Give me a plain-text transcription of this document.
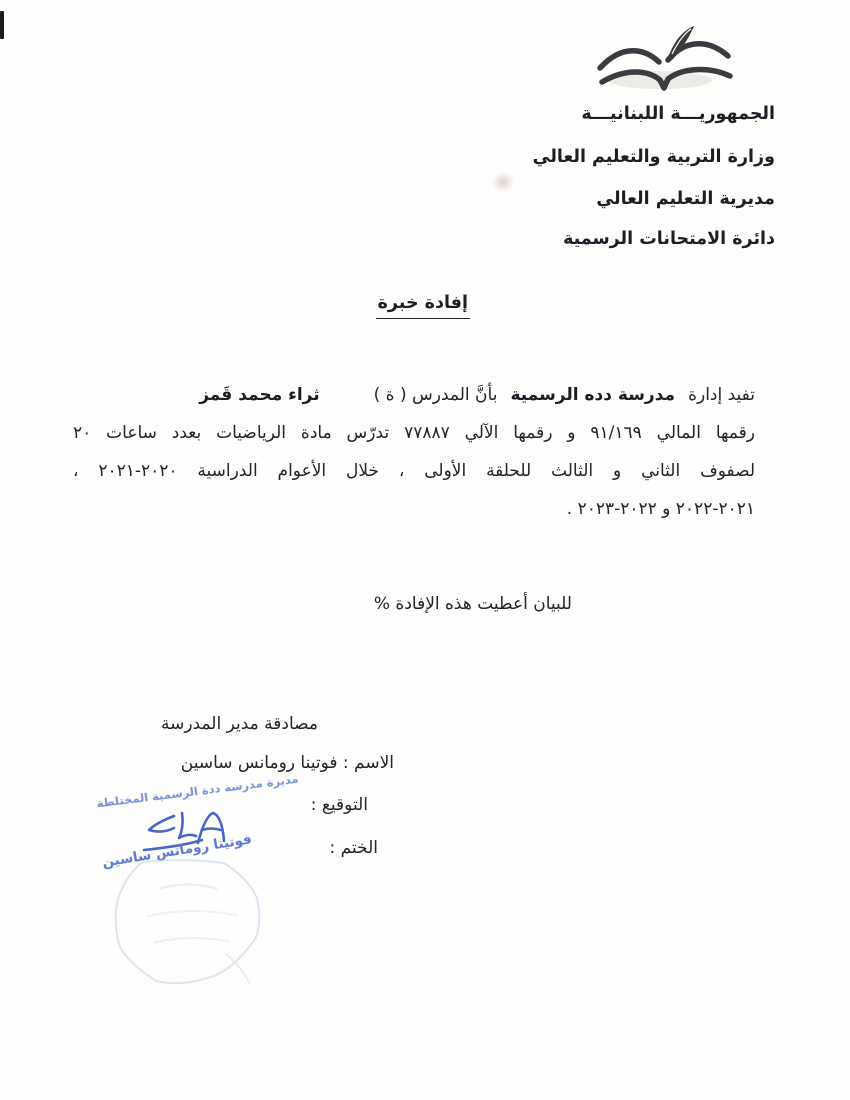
الجمهوريـــة اللبنانيـــة
وزارة التربية والتعليم العالي
مديرية التعليم العالي
دائرة الامتحانات الرسمية
إفادة خبرة
تفيد إدارة
مدرسة دده الرسمية
بأنَّ المدرس ( ة )
ثراء محمد قَمز
رقمها المالي ٩١/١٦٩ و رقمها الآلي ٧٧٨٨٧ تدرّس مادة الرياضيات بعدد ساعات ٢٠
لصفوف الثاني و الثالث للحلقة الأولى ، خلال الأعوام الدراسية ٢٠٢٠-٢٠٢١ ،
٢٠٢١-٢٠٢٢ و ٢٠٢٢-٢٠٢٣ .
للبيان أعطيت هذه الإفادة %
مصادقة مدير المدرسة
الاسم : فوتينا رومانس ساسين
التوقيع :
الختم :
مديرة مدرسة ددة الرسمية المختلطة
فوتينا روماتس ساسين
